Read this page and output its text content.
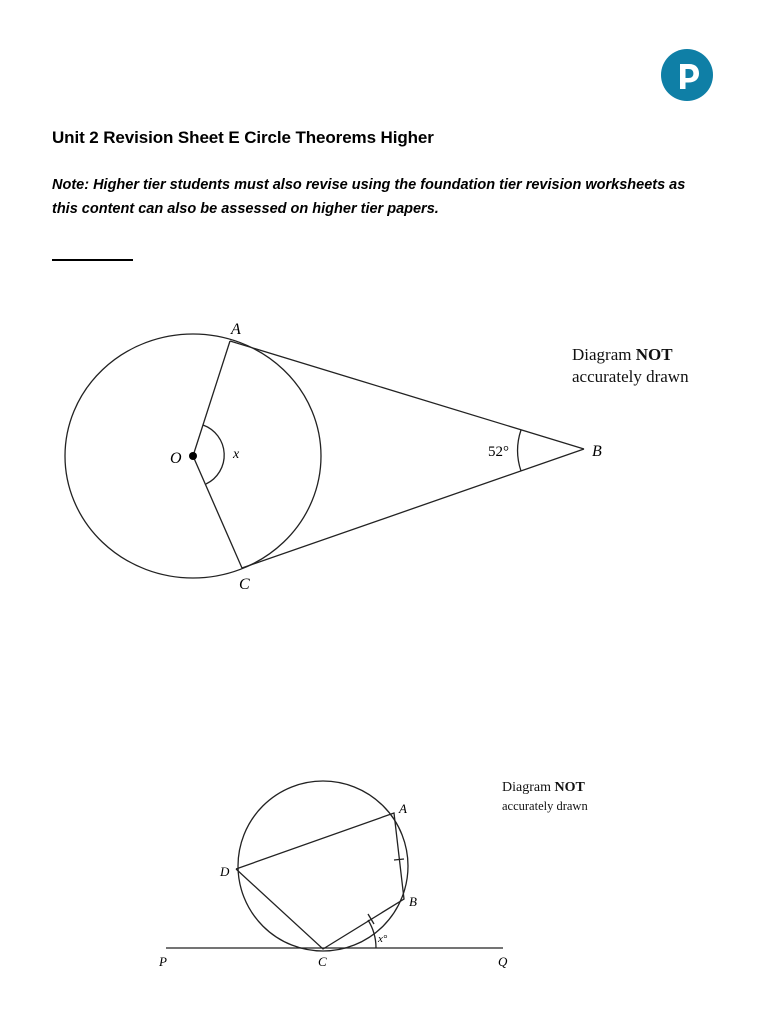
Unit 2 Revision Sheet E Circle Theorems Higher

Note: Higher tier students must also revise using the foundation tier revision worksheets as this content can also be assessed on higher tier papers.

A
B
C
O	x	52°
Diagram NOT
accurately drawn
A
B
C
D
P	Q
x°
Diagram NOT
accurately drawn
